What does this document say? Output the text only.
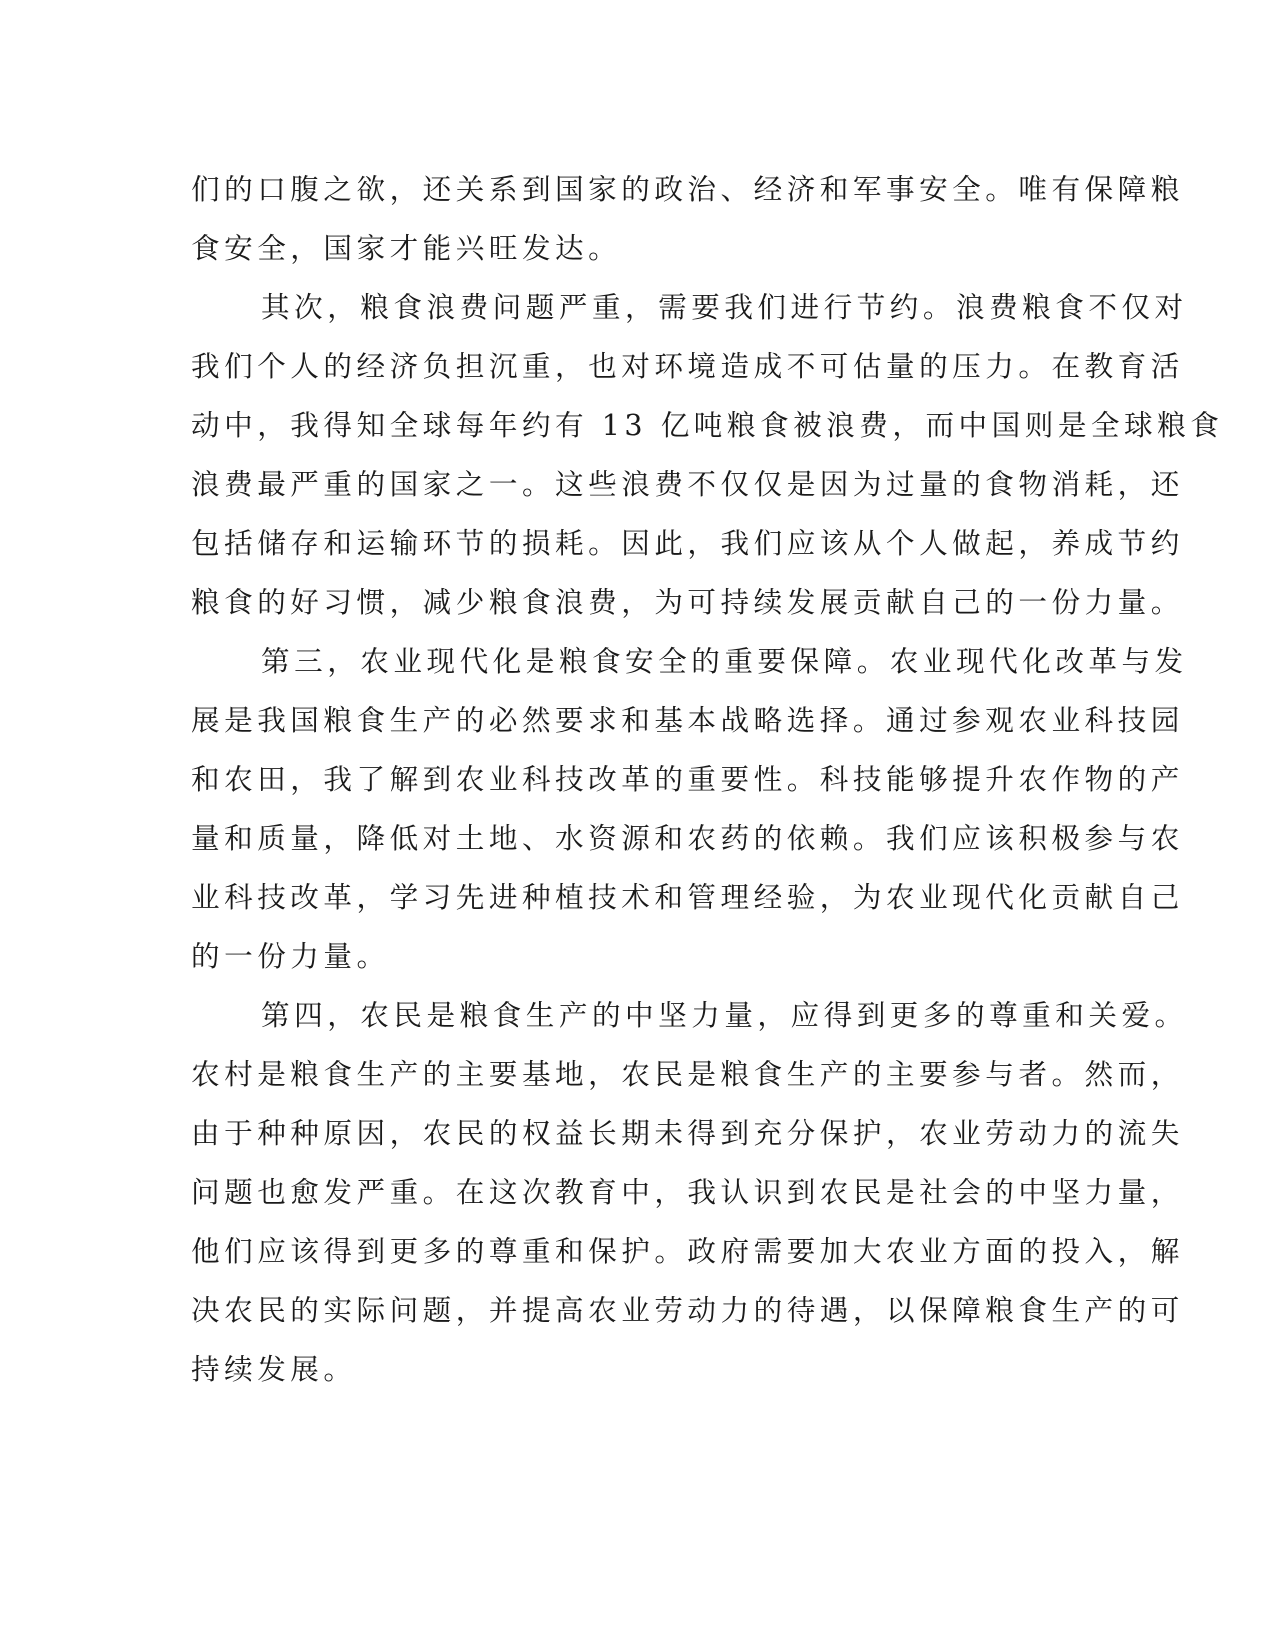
们的口腹之欲，还关系到国家的政治、经济和军事安全。唯有保障粮
食安全，国家才能兴旺发达。
其次，粮食浪费问题严重，需要我们进行节约。浪费粮食不仅对
我们个人的经济负担沉重，也对环境造成不可估量的压力。在教育活
动中，我得知全球每年约有 13 亿吨粮食被浪费，而中国则是全球粮食
浪费最严重的国家之一。这些浪费不仅仅是因为过量的食物消耗，还
包括储存和运输环节的损耗。因此，我们应该从个人做起，养成节约
粮食的好习惯，减少粮食浪费，为可持续发展贡献自己的一份力量。
第三，农业现代化是粮食安全的重要保障。农业现代化改革与发
展是我国粮食生产的必然要求和基本战略选择。通过参观农业科技园
和农田，我了解到农业科技改革的重要性。科技能够提升农作物的产
量和质量，降低对土地、水资源和农药的依赖。我们应该积极参与农
业科技改革，学习先进种植技术和管理经验，为农业现代化贡献自己
的一份力量。
第四，农民是粮食生产的中坚力量，应得到更多的尊重和关爱。
农村是粮食生产的主要基地，农民是粮食生产的主要参与者。然而，
由于种种原因，农民的权益长期未得到充分保护，农业劳动力的流失
问题也愈发严重。在这次教育中，我认识到农民是社会的中坚力量，
他们应该得到更多的尊重和保护。政府需要加大农业方面的投入，解
决农民的实际问题，并提高农业劳动力的待遇，以保障粮食生产的可
持续发展。
